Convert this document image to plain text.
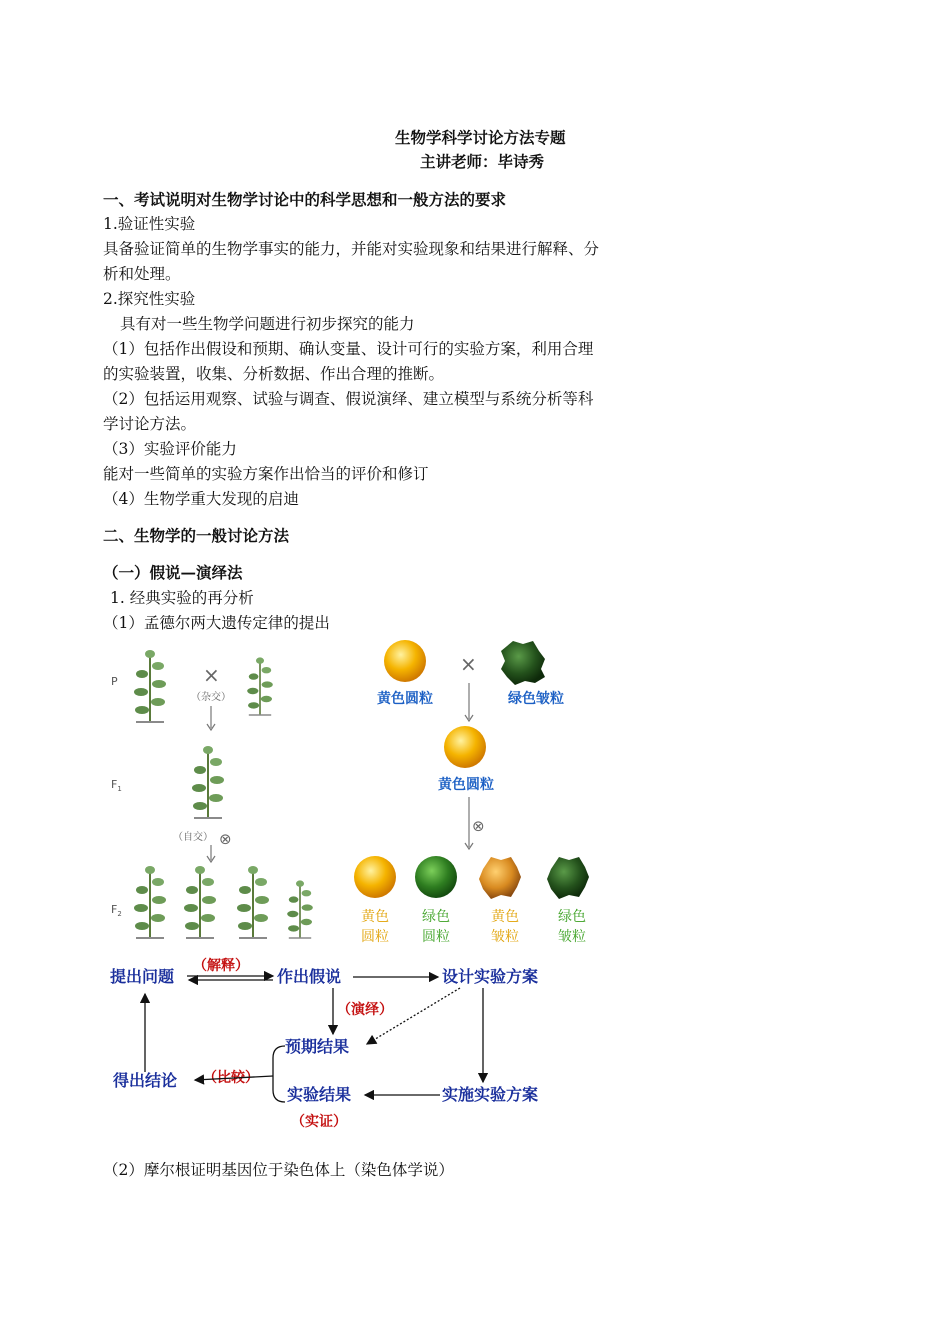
生物学科学讨论方法专题
主讲老师：毕诗秀
一、考试说明对生物学讨论中的科学思想和一般方法的要求
1.验证性实验
具备验证简单的生物学事实的能力，并能对实验现象和结果进行解释、分
析和处理。
2.探究性实验
具有对一些生物学问题进行初步探究的能力
（1）包括作出假设和预期、确认变量、设计可行的实验方案，利用合理
的实验装置，收集、分析数据、作出合理的推断。
（2）包括运用观察、试验与调查、假说演绎、建立模型与系统分析等科
学讨论方法。
（3）实验评价能力
能对一些简单的实验方案作出恰当的评价和修订
（4）生物学重大发现的启迪
二、生物学的一般讨论方法
（一）假说—演绎法
1. 经典实验的再分析
（1）孟德尔两大遗传定律的提出
P	×
（杂交）
$F_1$
（自交） ⊗
$F_2$
×
黄色圆粒	绿色皱粒
黄色圆粒
⊗
黄色
圆粒
绿色
圆粒
黄色
皱粒
绿色
皱粒
提出问题	作出假说	设计实验方案
预期结果
得出结论
实验结果	实施实验方案
（解释）
（演绎）
（比较）
（实证）
（2）摩尔根证明基因位于染色体上（染色体学说）
